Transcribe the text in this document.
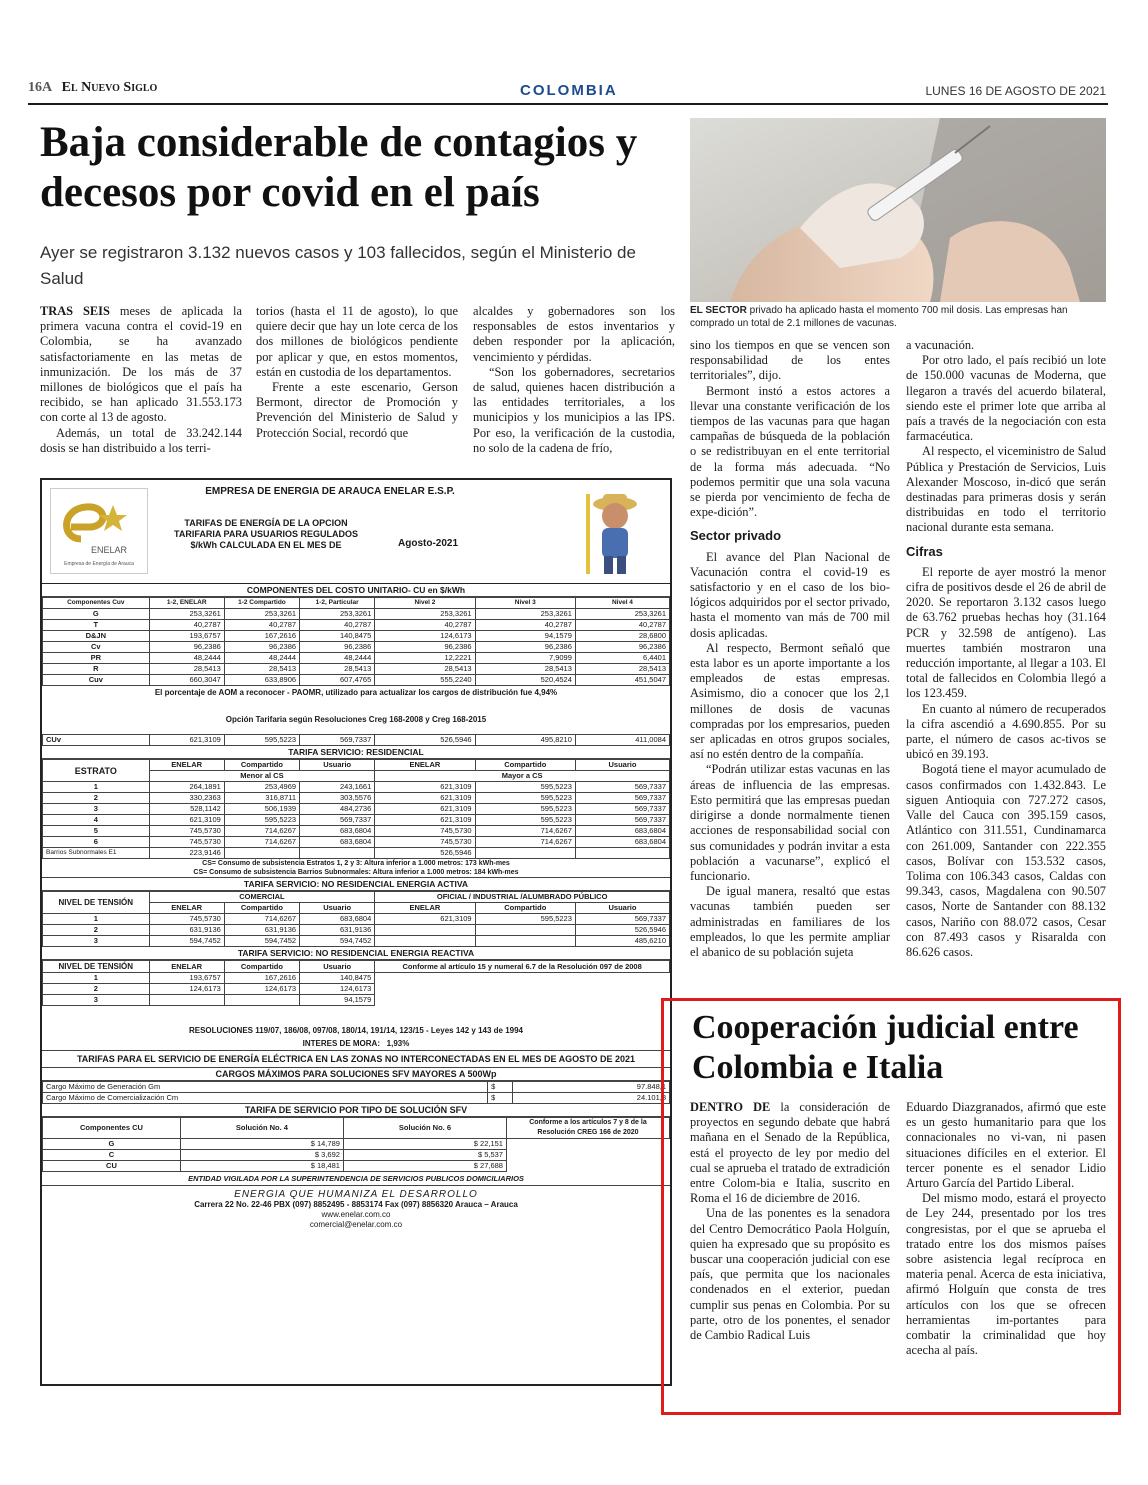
16A El Nuevo Siglo	COLOMBIA	LUNES 16 DE AGOSTO DE 2021
Baja considerable de contagios y decesos por covid en el país
Ayer se registraron 3.132 nuevos casos y 103 fallecidos, según el Ministerio de Salud
EL SECTOR privado ha aplicado hasta el momento 700 mil dosis. Las empresas han comprado un total de 2.1 millones de vacunas.

TRAS SEIS meses de aplicada la primera vacuna contra el covid-19 en Colombia, se ha avanzado satisfactoriamente en las metas de inmunización. De los más de 37 millones de biológicos que el país ha recibido, se han aplicado 31.553.173 con corte al 13 de agosto.

Además, un total de 33.242.144 dosis se han distribuido a los terri-

torios (hasta el 11 de agosto), lo que quiere decir que hay un lote cerca de los dos millones de biológicos pendiente por aplicar y que, en estos momentos, están en custodia de los departamentos.

Frente a este escenario, Gerson Bermont, director de Promoción y Prevención del Ministerio de Salud y Protección Social, recordó que

alcaldes y gobernadores son los responsables de estos inventarios y deben responder por la aplicación, vencimiento y pérdidas.

“Son los gobernadores, secretarios de salud, quienes hacen distribución a las entidades territoriales, a los municipios y los municipios a las IPS. Por eso, la verificación de la custodia, no solo de la cadena de frío,

sino los tiempos en que se vencen son responsabilidad de los entes territoriales”, dijo.

Bermont instó a estos actores a llevar una constante verificación de los tiempos de las vacunas para que hagan campañas de búsqueda de la población o se redistribuyan en el ente territorial de la forma más adecuada. “No podemos permitir que una sola vacuna se pierda por vencimiento de fecha de expe-dición”.

Sector privado

El avance del Plan Nacional de Vacunación contra el covid-19 es satisfactorio y en el caso de los bio-lógicos adquiridos por el sector privado, hasta el momento van más de 700 mil dosis aplicadas.

Al respecto, Bermont señaló que esta labor es un aporte importante a los empleados de estas empresas. Asimismo, dio a conocer que los 2,1 millones de dosis de vacunas compradas por los empresarios, pueden ser aplicadas en otros grupos sociales, así no estén dentro de la compañía.

“Podrán utilizar estas vacunas en las áreas de influencia de las empresas. Esto permitirá que las empresas puedan dirigirse a donde normalmente tienen acciones de responsabilidad social con sus comunidades y podrán invitar a esta población a vacunarse”, explicó el funcionario.

De igual manera, resaltó que estas vacunas también pueden ser administradas en familiares de los empleados, lo que les permite ampliar el abanico de su población sujeta

a vacunación.

Por otro lado, el país recibió un lote de 150.000 vacunas de Moderna, que llegaron a través del acuerdo bilateral, siendo este el primer lote que arriba al país a través de la negociación con esta farmacéutica.

Al respecto, el viceministro de Salud Pública y Prestación de Servicios, Luis Alexander Moscoso, in-dicó que serán destinadas para primeras dosis y serán distribuidas en todo el territorio nacional durante esta semana.

Cifras

El reporte de ayer mostró la menor cifra de positivos desde el 26 de abril de 2020. Se reportaron 3.132 casos luego de 63.762 pruebas hechas hoy (31.164 PCR y 32.598 de antígeno). Las muertes también mostraron una reducción importante, al llegar a 103. El total de fallecidos en Colombia llegó a los 123.459.

En cuanto al número de recuperados la cifra ascendió a 4.690.855. Por su parte, el número de casos ac-tivos se ubicó en 39.193.

Bogotá tiene el mayor acumulado de casos confirmados con 1.432.843. Le siguen Antioquia con 727.272 casos, Valle del Cauca con 395.159 casos, Atlántico con 311.551, Cundinamarca con 261.009, Santander con 222.355 casos, Bolívar con 153.532 casos, Tolima con 106.343 casos, Caldas con 99.343, casos, Magdalena con 90.507 casos, Norte de Santander con 88.132 casos, Nariño con 88.072 casos, Cesar con 87.493 casos y Risaralda con 86.626 casos.

ENELAR
Empresa de Energía de Arauca
EMPRESA DE ENERGIA DE ARAUCA ENELAR E.S.P.
TARIFAS DE ENERGÍA DE LA OPCION TARIFARIA PARA USUARIOS REGULADOS $/kWh CALCULADA EN EL MES DE	Agosto-2021
COMPONENTES DEL COSTO UNITARIO- CU en $/kWh
Componentes Cuv	1-2, ENELAR	1-2 Compartido	1-2, Particular	Nivel 2	Nivel 3	Nivel 4
G	253,3261	253,3261	253,3261	253,3261	253,3261	253,3261
T	40,2787	40,2787	40,2787	40,2787	40,2787	40,2787
D&JN	193,6757	167,2616	140,8475	124,6173	94,1579	28,6800
Cv	96,2386	96,2386	96,2386	96,2386	96,2386	96,2386
PR	48,2444	48,2444	48,2444	12,2221	7,9099	6,4401
R	28,5413	28,5413	28,5413	28,5413	28,5413	28,5413
Cuv	660,3047	633,8906	607,4765	555,2240	520,4524	451,5047
El porcentaje de AOM a reconocer - PAOMR, utilizado para actualizar los cargos de distribución fue 4,94%
Opción Tarifaria según Resoluciones Creg 168-2008 y Creg 168-2015
CUv	621,3109	595,5223	569,7337	526,5946	495,8210	411,0084
TARIFA SERVICIO: RESIDENCIAL
ESTRATO	ENELAR	Compartido	Usuario	ENELAR	Compartido	Usuario
	Menor al CS			Mayor a CS		
1	264,1891	253,4969	243,1661	621,3109	595,5223	569,7337
2	330,2363	316,8711	303,5576	621,3109	595,5223	569,7337
3	528,1142	506,1939	484,2736	621,3109	595,5223	569,7337
4	621,3109	595,5223	569,7337	621,3109	595,5223	569,7337
5	745,5730	714,6267	683,6804	745,5730	714,6267	683,6804
6	745,5730	714,6267	683,6804	745,5730	714,6267	683,6804
Barrios Subnormales E1	223,9146			526,5946		
CS= Consumo de subsistencia Estratos 1, 2 y 3: Altura inferior a 1.000 metros: 173 kWh-mes
CS= Consumo de subsistencia Barrios Subnormales: Altura inferior a 1.000 metros: 184 kWh-mes
TARIFA SERVICIO: NO RESIDENCIAL ENERGIA ACTIVA
NIVEL DE TENSIÓN	COMERCIAL			OFICIAL / INDUSTRIAL /ALUMBRADO PÚBLICO		
	ENELAR	Compartido	Usuario	ENELAR	Compartido	Usuario
1	745,5730	714,6267	683,6804	621,3109	595,5223	569,7337
2	631,9136	631,9136	631,9136			526,5946
3	594,7452	594,7452	594,7452			485,6210
TARIFA SERVICIO: NO RESIDENCIAL ENERGIA REACTIVA
NIVEL DE TENSIÓN	ENELAR	Compartido	Usuario	Conforme al artículo 15 y numeral 6.7 de la Resolución 097 de 2008
1	193,6757	167,2616	140,8475	
2	124,6173	124,6173	124,6173	
3			94,1579	
RESOLUCIONES 119/07, 186/08, 097/08, 180/14, 191/14, 123/15 - Leyes 142 y 143 de 1994
INTERES DE MORA: 1,93%
TARIFAS PARA EL SERVICIO DE ENERGÍA ELÉCTRICA EN LAS ZONAS NO INTERCONECTADAS EN EL MES DE AGOSTO DE 2021
CARGOS MÁXIMOS PARA SOLUCIONES SFV MAYORES A 500Wp
Cargo Máximo de Generación Gm	$	97.848,1
Cargo Máximo de Comercialización Cm	$	24.101,8
TARIFA DE SERVICIO POR TIPO DE SOLUCIÓN SFV
Componentes CU	Solución No. 4	Solución No. 6	Conforme a los artículos 7 y 8 de la Resolución CREG 166 de 2020
G	$ 14,789	$ 22,151	
C	$ 3,692	$ 5,537	
CU	$ 18,481	$ 27,688	
ENTIDAD VIGILADA POR LA SUPERINTENDENCIA DE SERVICIOS PUBLICOS DOMICILIARIOS
ENERGIA QUE HUMANIZA EL DESARROLLO
Carrera 22 No. 22-46 PBX (097) 8852495 - 8853174 Fax (097) 8856320 Arauca – Arauca
www.enelar.com.co
comercial@enelar.com.co
Cooperación judicial entre Colombia e Italia

DENTRO DE la consideración de proyectos en segundo debate que habrá mañana en el Senado de la República, está el proyecto de ley por medio del cual se aprueba el tratado de extradición entre Colom-bia e Italia, suscrito en Roma el 16 de diciembre de 2016.

Una de las ponentes es la senadora del Centro Democrático Paola Holguín, quien ha expresado que su propósito es buscar una cooperación judicial con ese país, que permita que los nacionales condenados en el exterior, puedan cumplir sus penas en Colombia. Por su parte, otro de los ponentes, el senador de Cambio Radical Luis

Eduardo Diazgranados, afirmó que este es un gesto humanitario para que los connacionales no vi-van, ni pasen situaciones difíciles en el exterior. El tercer ponente es el senador Lidio Arturo García del Partido Liberal.

Del mismo modo, estará el proyecto de Ley 244, presentado por los tres congresistas, por el que se aprueba el tratado entre los dos mismos países sobre asistencia legal recíproca en materia penal. Acerca de esta iniciativa, afirmó Holguín que consta de tres artículos con los que se ofrecen herramientas im-portantes para combatir la criminalidad que hoy acecha al país.
